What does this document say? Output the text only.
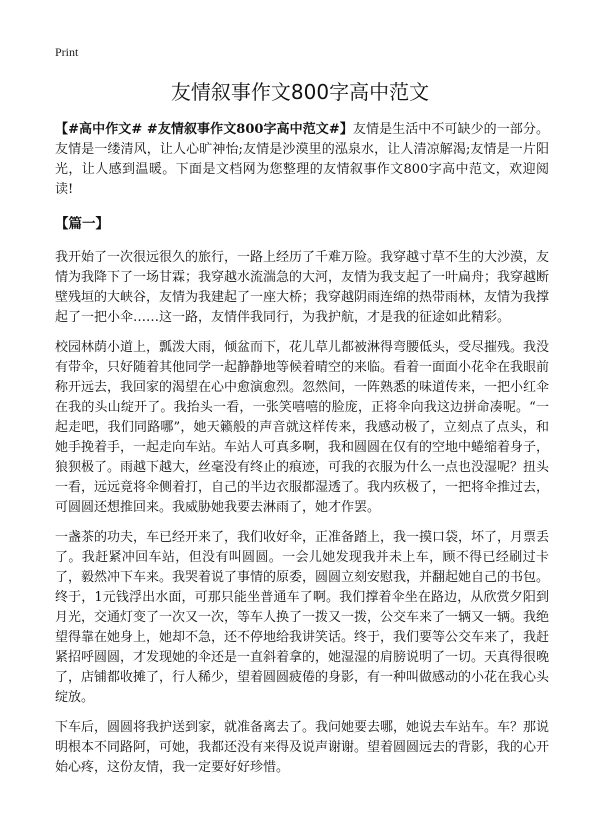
Print
友情叙事作文800字高中范文

【#高中作文# #友情叙事作文800字高中范文#】友情是生活中不可缺少的一部分。友情是一缕清风，让人心旷神怡;友情是沙漠里的泓泉水，让人清凉解渴;友情是一片阳光，让人感到温暖。下面是文档网为您整理的友情叙事作文800字高中范文，欢迎阅读!

【篇一】

我开始了一次很远很久的旅行，一路上经历了千难万险。我穿越寸草不生的大沙漠，友情为我降下了一场甘霖；我穿越水流湍急的大河，友情为我支起了一叶扁舟；我穿越断壁残垣的大峡谷，友情为我建起了一座大桥；我穿越阴雨连绵的热带雨林，友情为我撑起了一把小伞……这一路，友情伴我同行，为我护航，才是我的征途如此精彩。

校园林荫小道上，瓢泼大雨，倾盆而下，花儿草儿都被淋得弯腰低头，受尽摧残。我没有带伞，只好随着其他同学一起静静地等候着晴空的来临。看着一面面小花伞在我眼前称开远去，我回家的渴望在心中愈演愈烈。忽然间，一阵熟悉的味道传来，一把小红伞在我的头山绽开了。我抬头一看，一张笑嘻嘻的脸庞，正将伞向我这边拼命凑呢。“一起走吧，我们同路哪”，她天籁般的声音就这样传来，我感动极了，立刻点了点头，和她手挽着手，一起走向车站。车站人可真多啊，我和圆圆在仅有的空地中蜷缩着身子，狼狈极了。雨越下越大，丝毫没有终止的痕迹，可我的衣服为什么一点也没湿呢？扭头一看，远远竟将伞侧着打，自己的半边衣服都湿透了。我内疚极了，一把将伞推过去，可圆圆还想推回来。我威胁她我要去淋雨了，她才作罢。

一盏茶的功夫，车已经开来了，我们收好伞，正准备踏上，我一摸口袋，坏了，月票丢了。我赶紧冲回车站，但没有叫圆圆。一会儿她发现我并未上车，顾不得已经刷过卡了，毅然冲下车来。我哭着说了事情的原委，圆圆立刻安慰我，并翻起她自己的书包。终于，1元钱浮出水面，可那只能坐普通车了啊。我们撑着伞坐在路边，从欣赏夕阳到月光，交通灯变了一次又一次，等车人换了一拨又一拨，公交车来了一辆又一辆。我绝望得靠在她身上，她却不急，还不停地给我讲笑话。终于，我们要等公交车来了，我赶紧招呼圆圆，才发现她的伞还是一直斜着拿的，她湿湿的肩膀说明了一切。天真得很晚了，店铺都收摊了，行人稀少，望着圆圆疲倦的身影，有一种叫做感动的小花在我心头绽放。

下车后，圆圆将我护送到家，就准备离去了。我问她要去哪，她说去车站车。车？那说明根本不同路阿，可她，我都还没有来得及说声谢谢。望着圆圆远去的背影，我的心开始心疼，这份友情，我一定要好好珍惜。
